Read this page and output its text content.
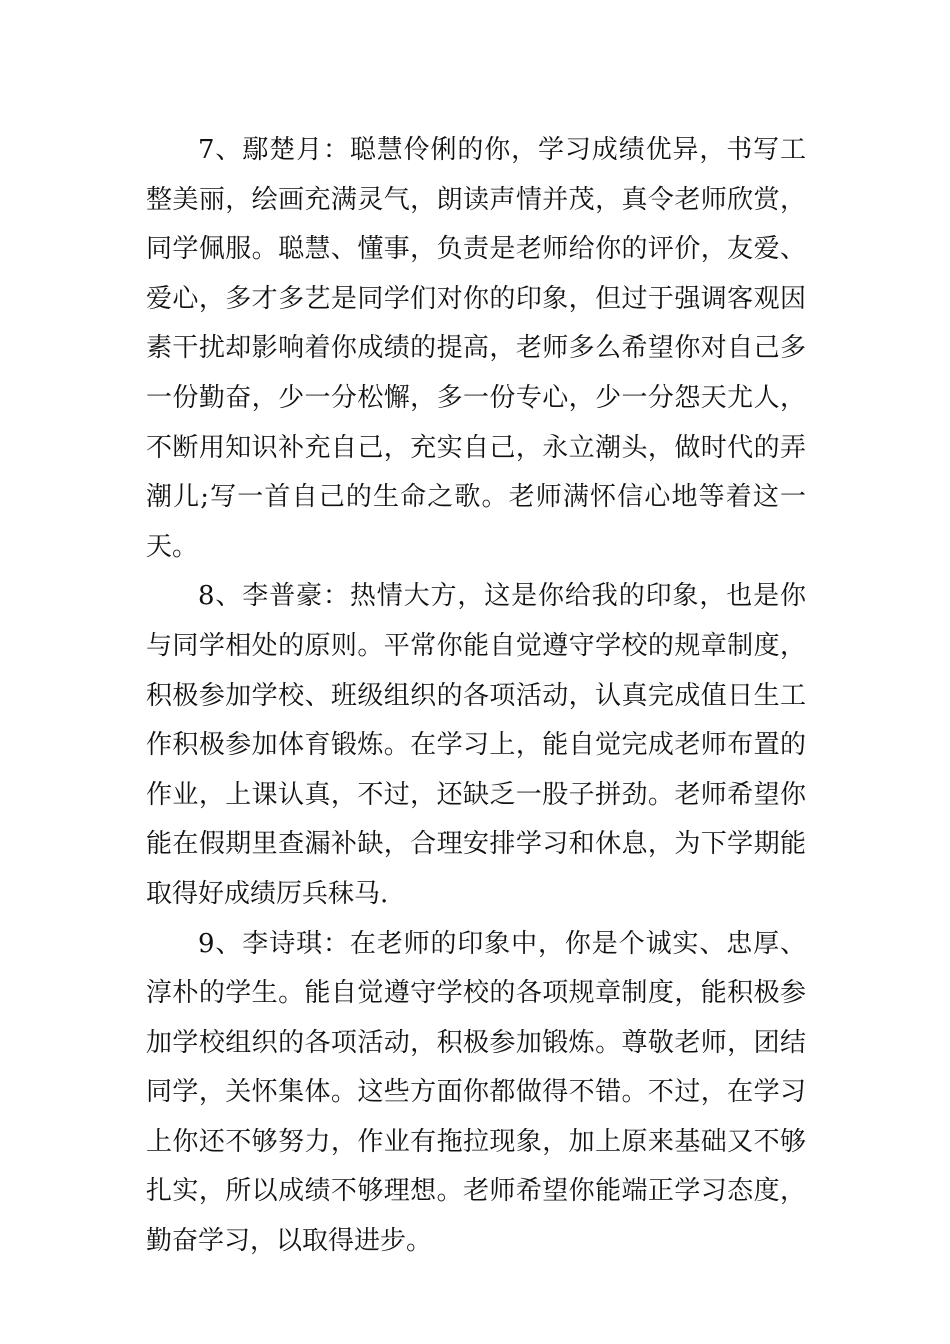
7、鄢楚月：聪慧伶俐的你，学习成绩优异，书写工整美丽，绘画充满灵气，朗读声情并茂，真令老师欣赏，同学佩服。聪慧、懂事，负责是老师给你的评价，友爱、爱心，多才多艺是同学们对你的印象，但过于强调客观因素干扰却影响着你成绩的提高，老师多么希望你对自己多一份勤奋，少一分松懈，多一份专心，少一分怨天尤人，不断用知识补充自己，充实自己，永立潮头，做时代的弄潮儿;写一首自己的生命之歌。老师满怀信心地等着这一天。

8、李普豪：热情大方，这是你给我的印象，也是你与同学相处的原则。平常你能自觉遵守学校的规章制度，积极参加学校、班级组织的各项活动，认真完成值日生工作积极参加体育锻炼。在学习上，能自觉完成老师布置的作业，上课认真，不过，还缺乏一股子拼劲。老师希望你能在假期里查漏补缺，合理安排学习和休息，为下学期能取得好成绩厉兵秣马.

9、李诗琪：在老师的印象中，你是个诚实、忠厚、淳朴的学生。能自觉遵守学校的各项规章制度，能积极参加学校组织的各项活动，积极参加锻炼。尊敬老师，团结同学，关怀集体。这些方面你都做得不错。不过，在学习上你还不够努力，作业有拖拉现象，加上原来基础又不够扎实，所以成绩不够理想。老师希望你能端正学习态度，勤奋学习，以取得进步。
